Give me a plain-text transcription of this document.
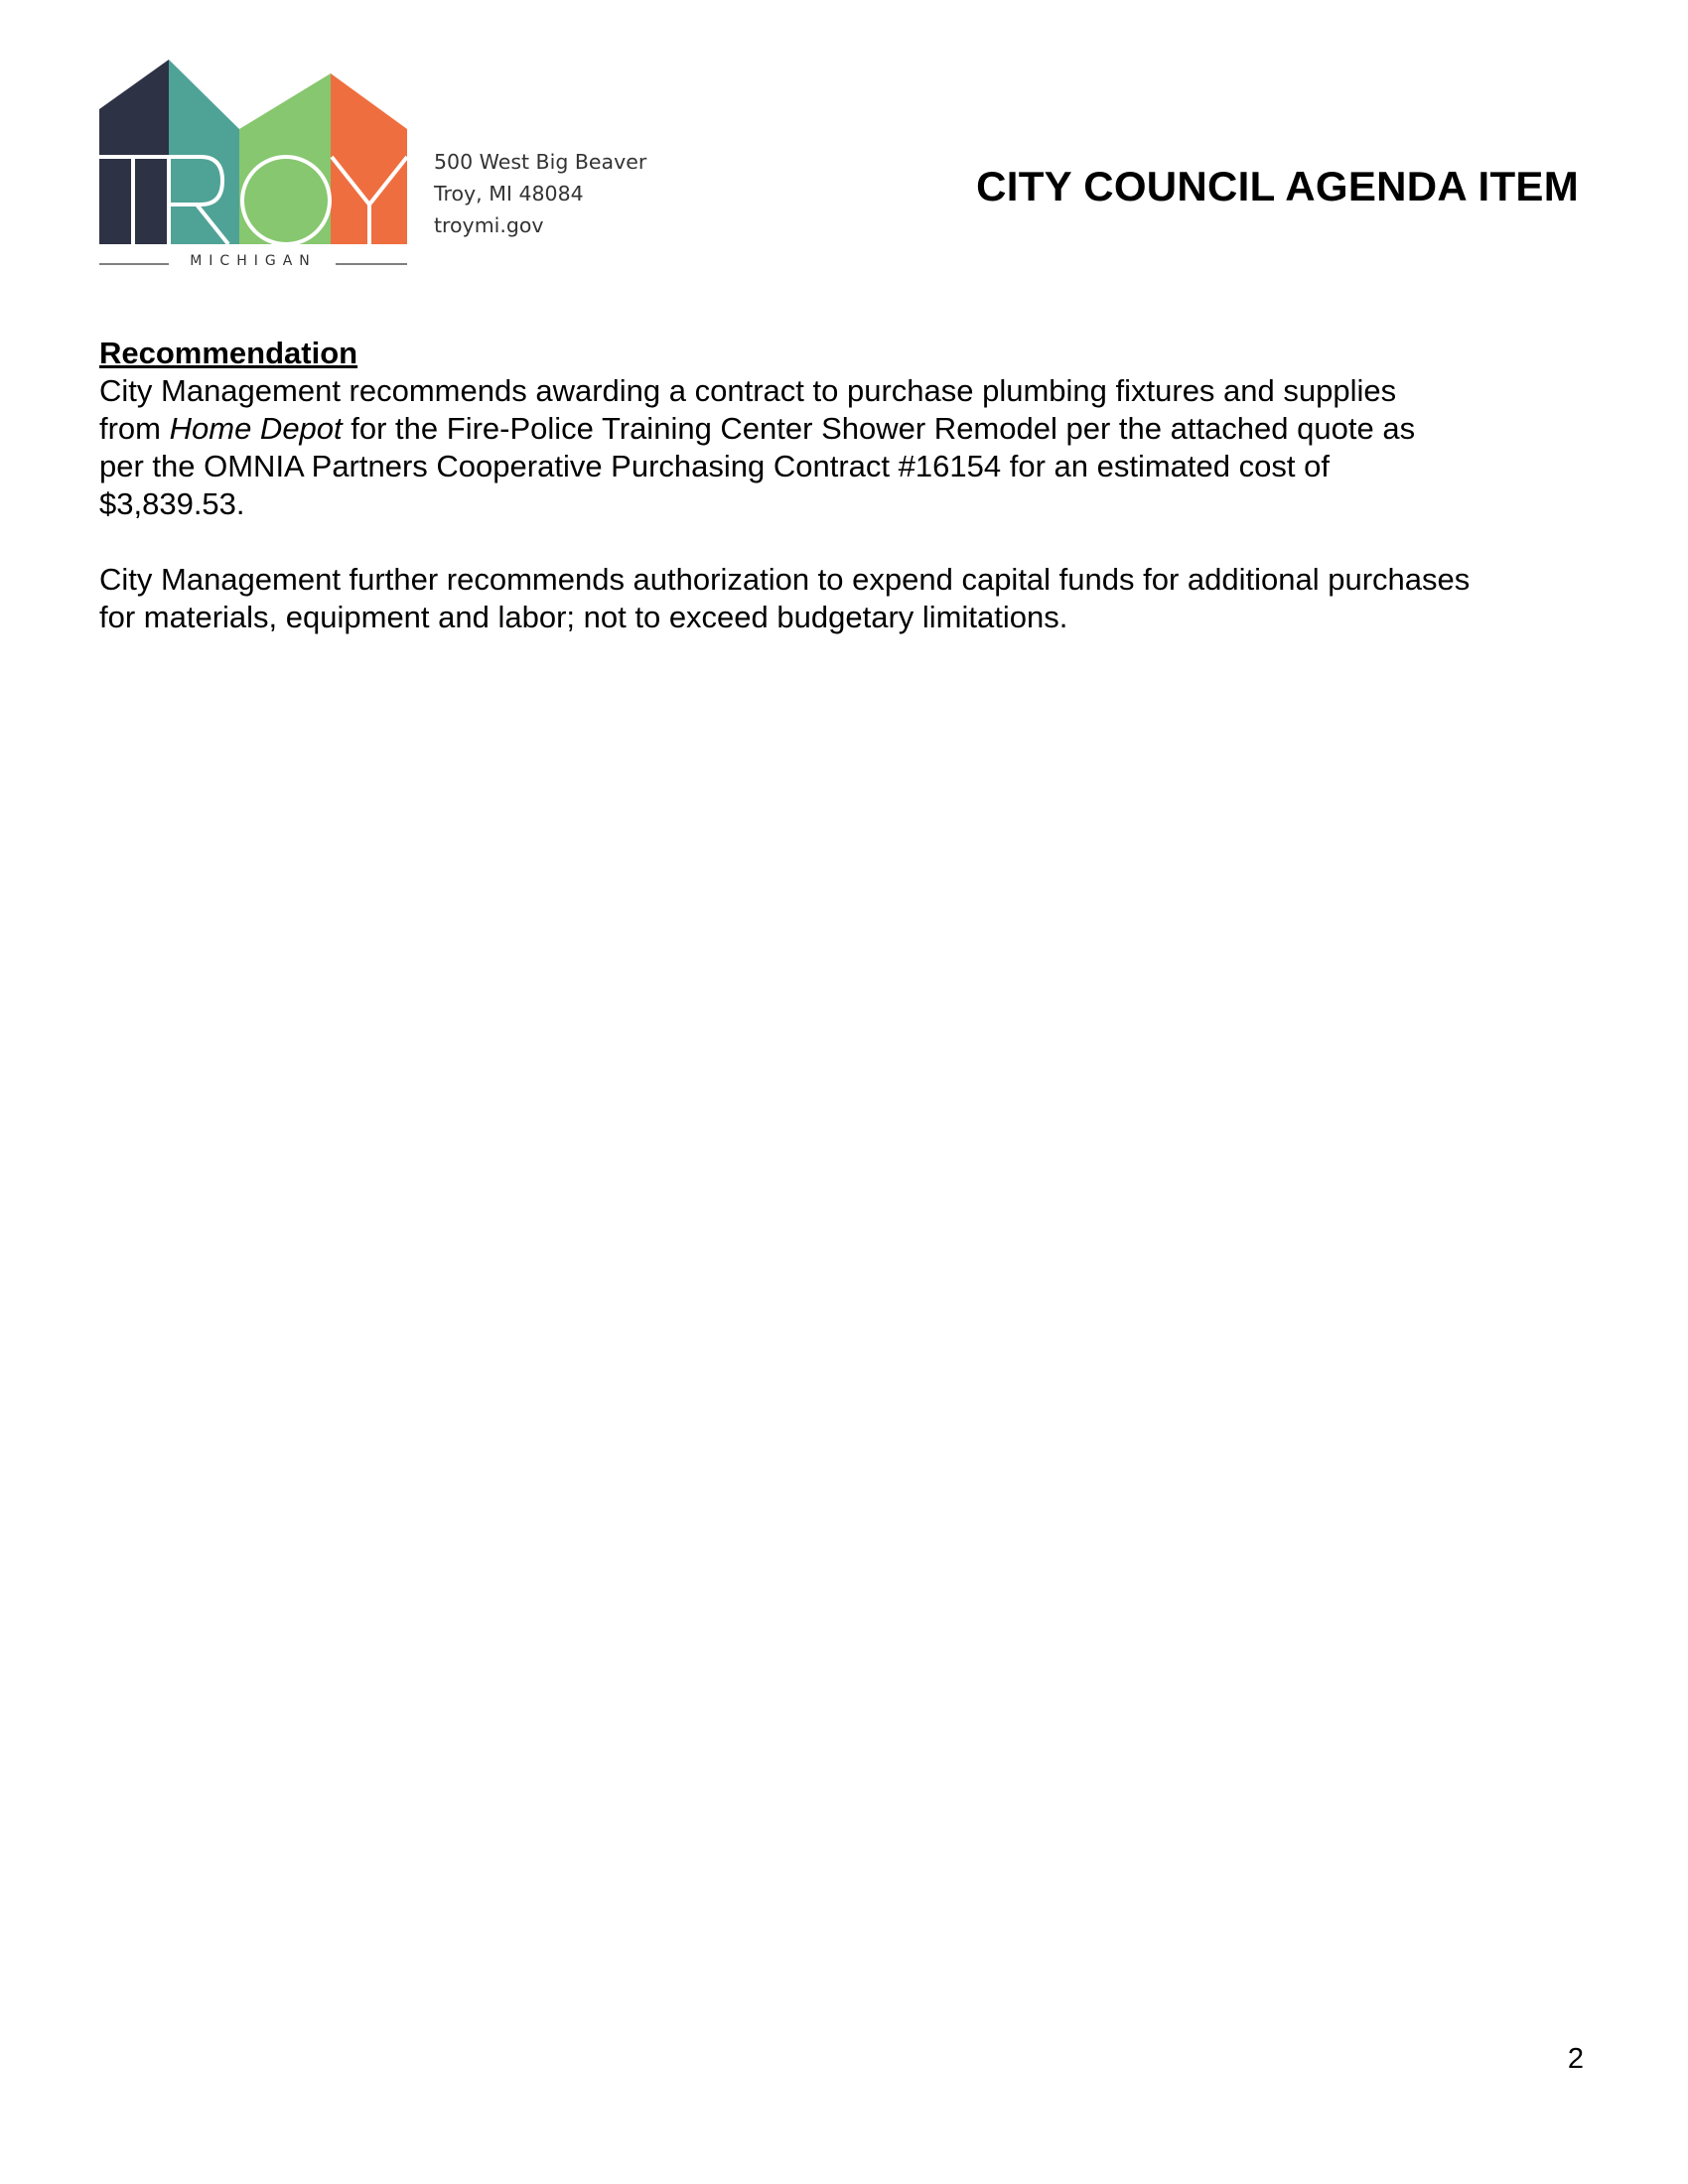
MICHIGAN
500 West Big Beaver
Troy, MI 48084
troymi.gov
CITY COUNCIL AGENDA ITEM
Recommendation
City Management recommends awarding a contract to purchase plumbing fixtures and supplies
from Home Depot for the Fire-Police Training Center Shower Remodel per the attached quote as
per the OMNIA Partners Cooperative Purchasing Contract #16154 for an estimated cost of
$3,839.53.
City Management further recommends authorization to expend capital funds for additional purchases
for materials, equipment and labor; not to exceed budgetary limitations.
2
